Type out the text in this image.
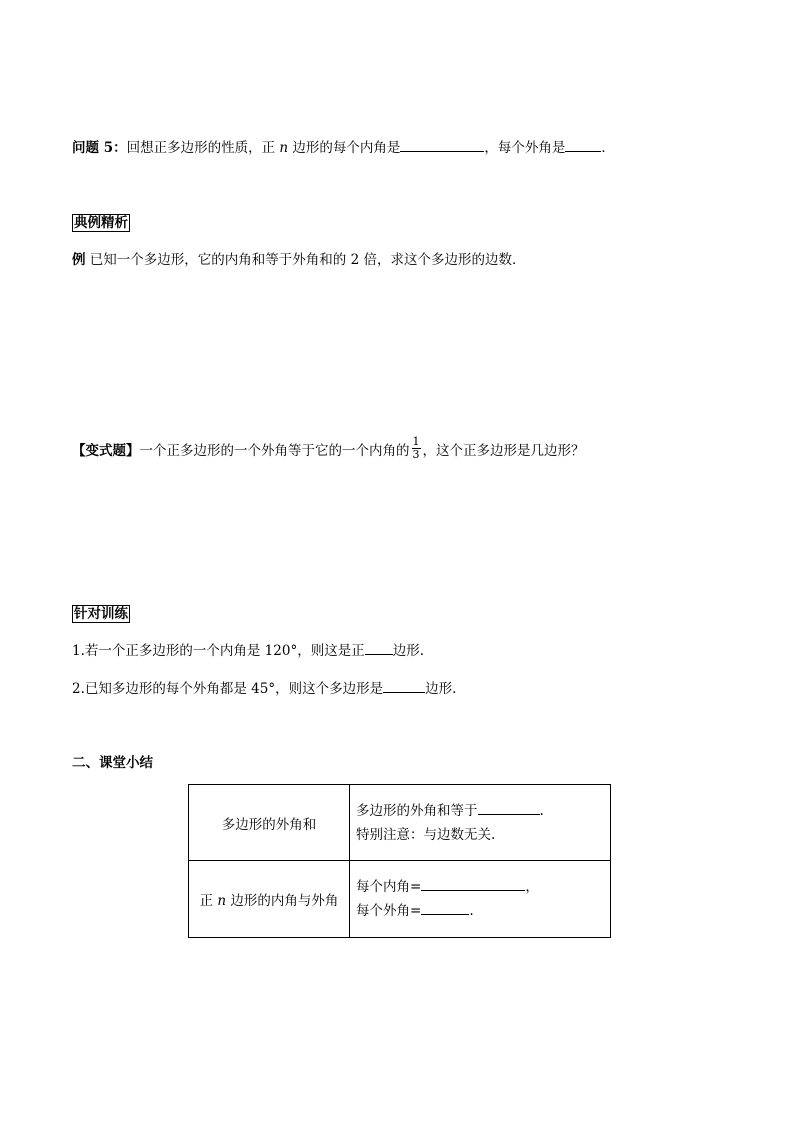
问题 5：回想正多边形的性质，正 n 边形的每个内角是	，每个外角是	．
典例精析
例 已知一个多边形，它的内角和等于外角和的 2 倍，求这个多边形的边数．
【变式题】 一个正多边形的一个外角等于它的一个内角的 $\frac{1}{3}$ ，这个正多边形是几边形？
针对训练
1.若一个正多边形的一个内角是 120°，则这是正 边形.
2.已知多边形的每个外角都是 45°，则这个多边形是	边形.
二、课堂小结
多边形的外角和	多边形的外角和等于 .
特别注意：与边数无关.

正 n 边形的内角与外角	每个内角= ，
每个外角= .
